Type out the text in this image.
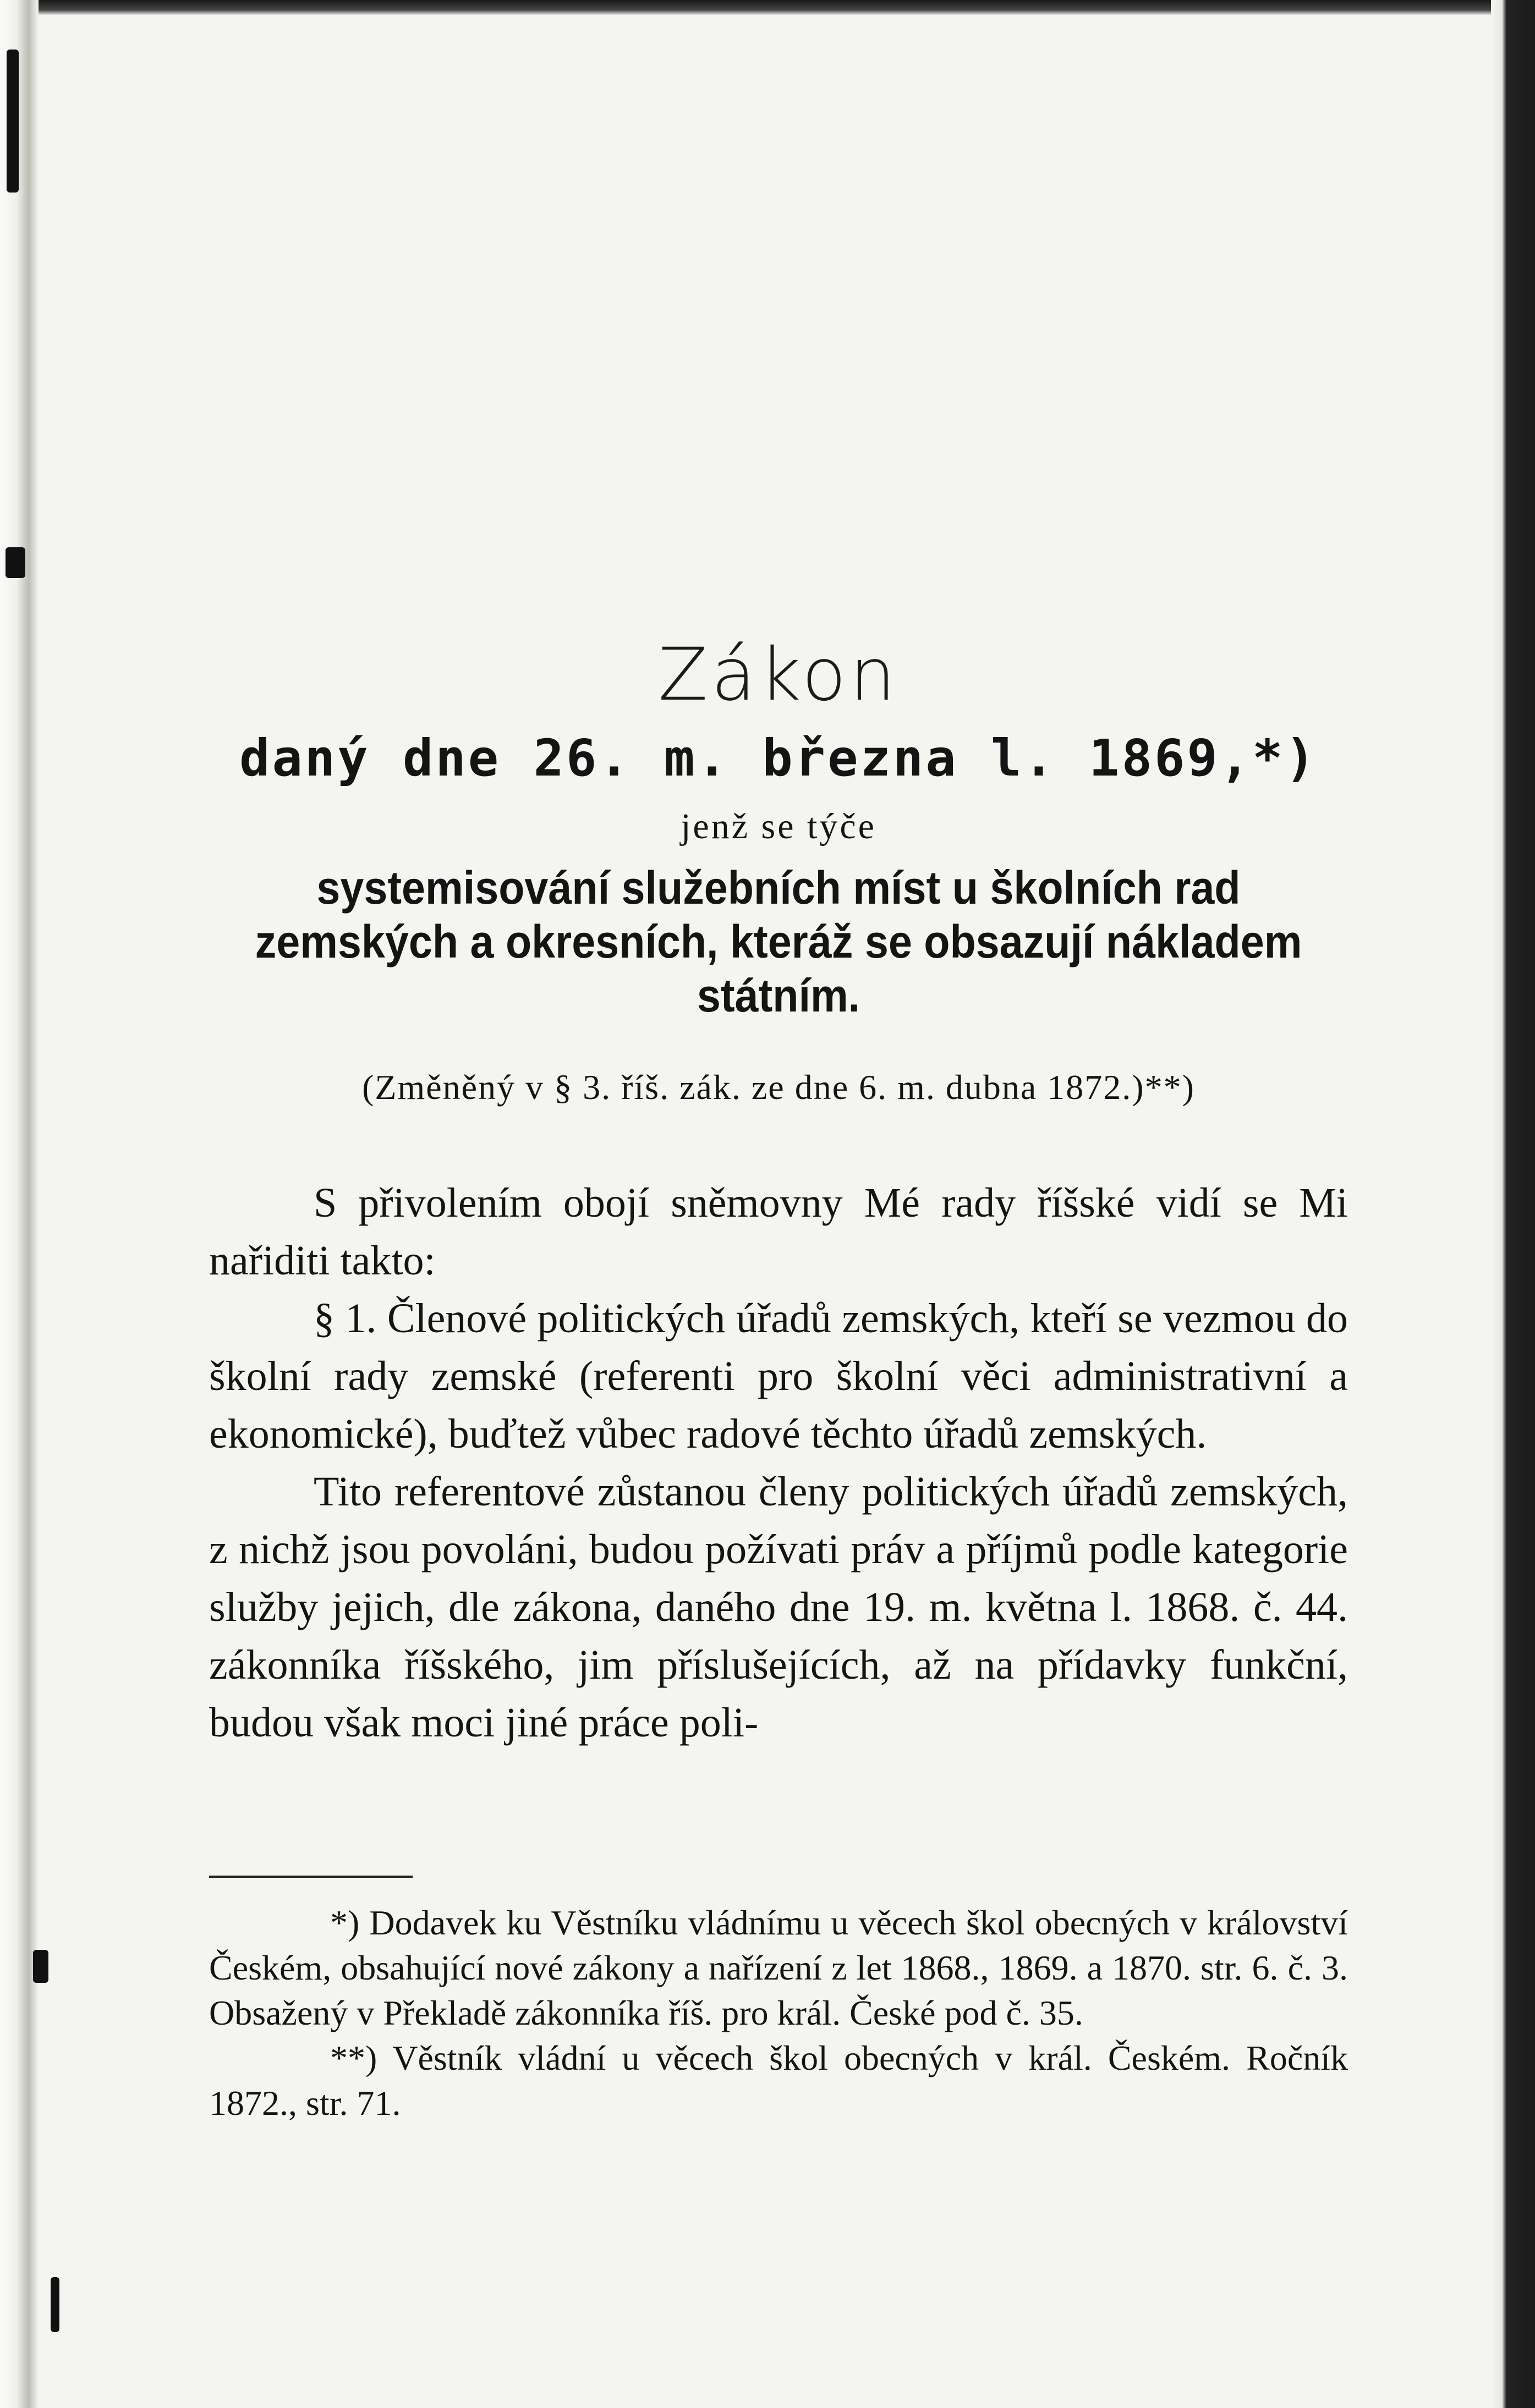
Zákon
daný dne 26. m. března l. 1869,*)
jenž se týče
systemisování služebních míst u školních rad zemských a okresních, kteráž se obsazují nákladem státním.
(Změněný v § 3. říš. zák. ze dne 6. m. dubna 1872.)**)

S přivolením obojí sněmovny Mé rady říšské vidí se Mi nařiditi takto:

§ 1. Členové politických úřadů zemských, kteří se vezmou do školní rady zemské (referenti pro školní věci administrativní a ekonomické), buďtež vůbec radové těchto úřadů zemských.

Tito referentové zůstanou členy politických úřadů zemských, z nichž jsou povoláni, budou požívati práv a příjmů podle kategorie služby jejich, dle zákona, daného dne 19. m. května l. 1868. č. 44. zákonníka říšského, jim příslušejících, až na přídavky funkční, budou však moci jiné práce poli-

*) Dodavek ku Věstníku vládnímu u věcech škol obecných v království Českém, obsahující nové zákony a nařízení z let 1868., 1869. a 1870. str. 6. č. 3. Obsažený v Překladě zákonníka říš. pro král. České pod č. 35.

**) Věstník vládní u věcech škol obecných v král. Českém. Ročník 1872., str. 71.
